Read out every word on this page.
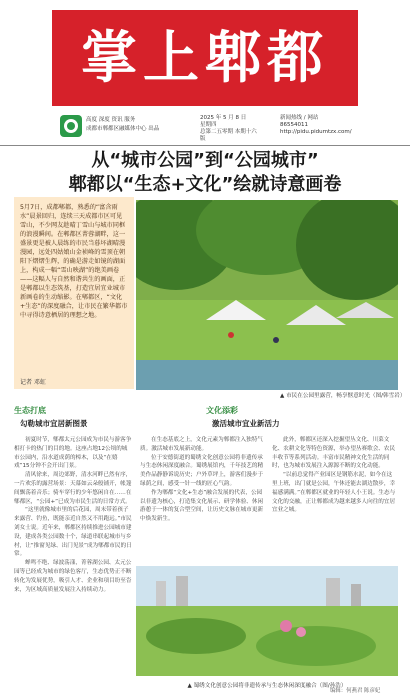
掌上郫都
高度 深度 资讯 服务
成都市郫都区融媒体中心 出品
2025 年 5 月 8 日
星期四
总第二五零期 本期十六版
新闻热线 / 网站
86554011
http://pidu.pidumtzx.com/
从“城市公园”到“公园城市”
郫都以“生态+文化”绘就诗意画卷

5月7日，成都郫都，熟悉的“富含雨水”晨景回归，连续三天成都市区可见雪山，不少网友趁晴丁雪山与城市同框的浪漫瞬间。在郫都区菁蓉湖畔，这一盛景更是被人晨练的市民当暮坏湖晴漫漫园，远处四姑娘山金祯峰的雪顶在朝阳下熠熠生辉，的确是游走如镜的湖面上，构成一幅“雪山映湖”的绝美画卷——这幅人与自然和谐共生的画面，正是郫都以生态筑基，打造宜居宜业城市新画卷的生动缩影。在郫都区，“文化+生态”的深度融合，让市民在繁华都市中寻得诗意栖居的理想之地。

记者 邓虹
▲ 市民在公园里露营，畅享惬意时光（图/韩雪岩）
生态打底
勾勒城市宜居新图景

初夏时节，郫都太元公园成为市民与游客争相打卡的热门的目的地。这座占地12公顷的城市公园内，沿水道成荫的樟木，以及“在嬉戏”15分钟不会开出门景。

清风徐来，周边郊野，清水河畔已然有序，一片欢乐的露营场景：天幕如云朵般铺开，帐篷间飘荡着音乐；骑车穿行的少年悠闲自在……在郫都区，“公园+”已成为市民生活的日常方式。

“这里就像城市里的后花园，周末带着孩子来露营、钓鱼，既能亲近自然又不用跑远。”市民刘女士说。近年来，郫都区持续推进公园城市建设，建成各类公园数十个，绿道串联起城市与乡村，让“推窗见绿、出门见景”成为郫都市民的日常。

蝉鸣不绝、绿波荡漾，菁蓉湖公园、太元公园等已经成为城市的绿色客厅，生态优势正不断转化为发展优势，吸引人才、企业和项目纷至沓来，为区域高质量发展注入持续动力。

文化添彩
激活城市宜业新活力

在生态基底之上，文化元素为郫都注入独特气质。激活城市发展新动能。

位于安德街道的蜀绣文化创意公园将非遗传承与生态休闲深度融合。蜀绣展馆内，千年技艺的精美作品静静诉说历史；户外草坪上，游客们漫步于绿荫之间，感受一针一线的匠心气韵。

作为郫都“文化+生态”融合发展的代表，公园以非遗为核心，打造集文化展示、研学体验、休闲游憩于一体的复合型空间，让历史文脉在城市更新中焕发新生。

此外，郫都区还深入挖掘望丛文化、川菜文化、农耕文化等特色资源，举办望丛赛歌会、农民丰收节等系列活动。丰富市民精神文化生活的同时，也为城市发展注入源源不断的文化动能。

“以前总觉得产业园区是钢筋水泥，如今在这里上班，出门就是公园，午休还能去湖边散步，幸福感满满。”在郫都区就业的年轻人小王说。生态与文化的交融，正让郫都成为越来越多人向往的宜居宜业之城。

▲ 蜀绣文化创意公园将非遗传承与生态休闲深度融合（图/孙浩）
编辑：何燕君 陈彦妃
